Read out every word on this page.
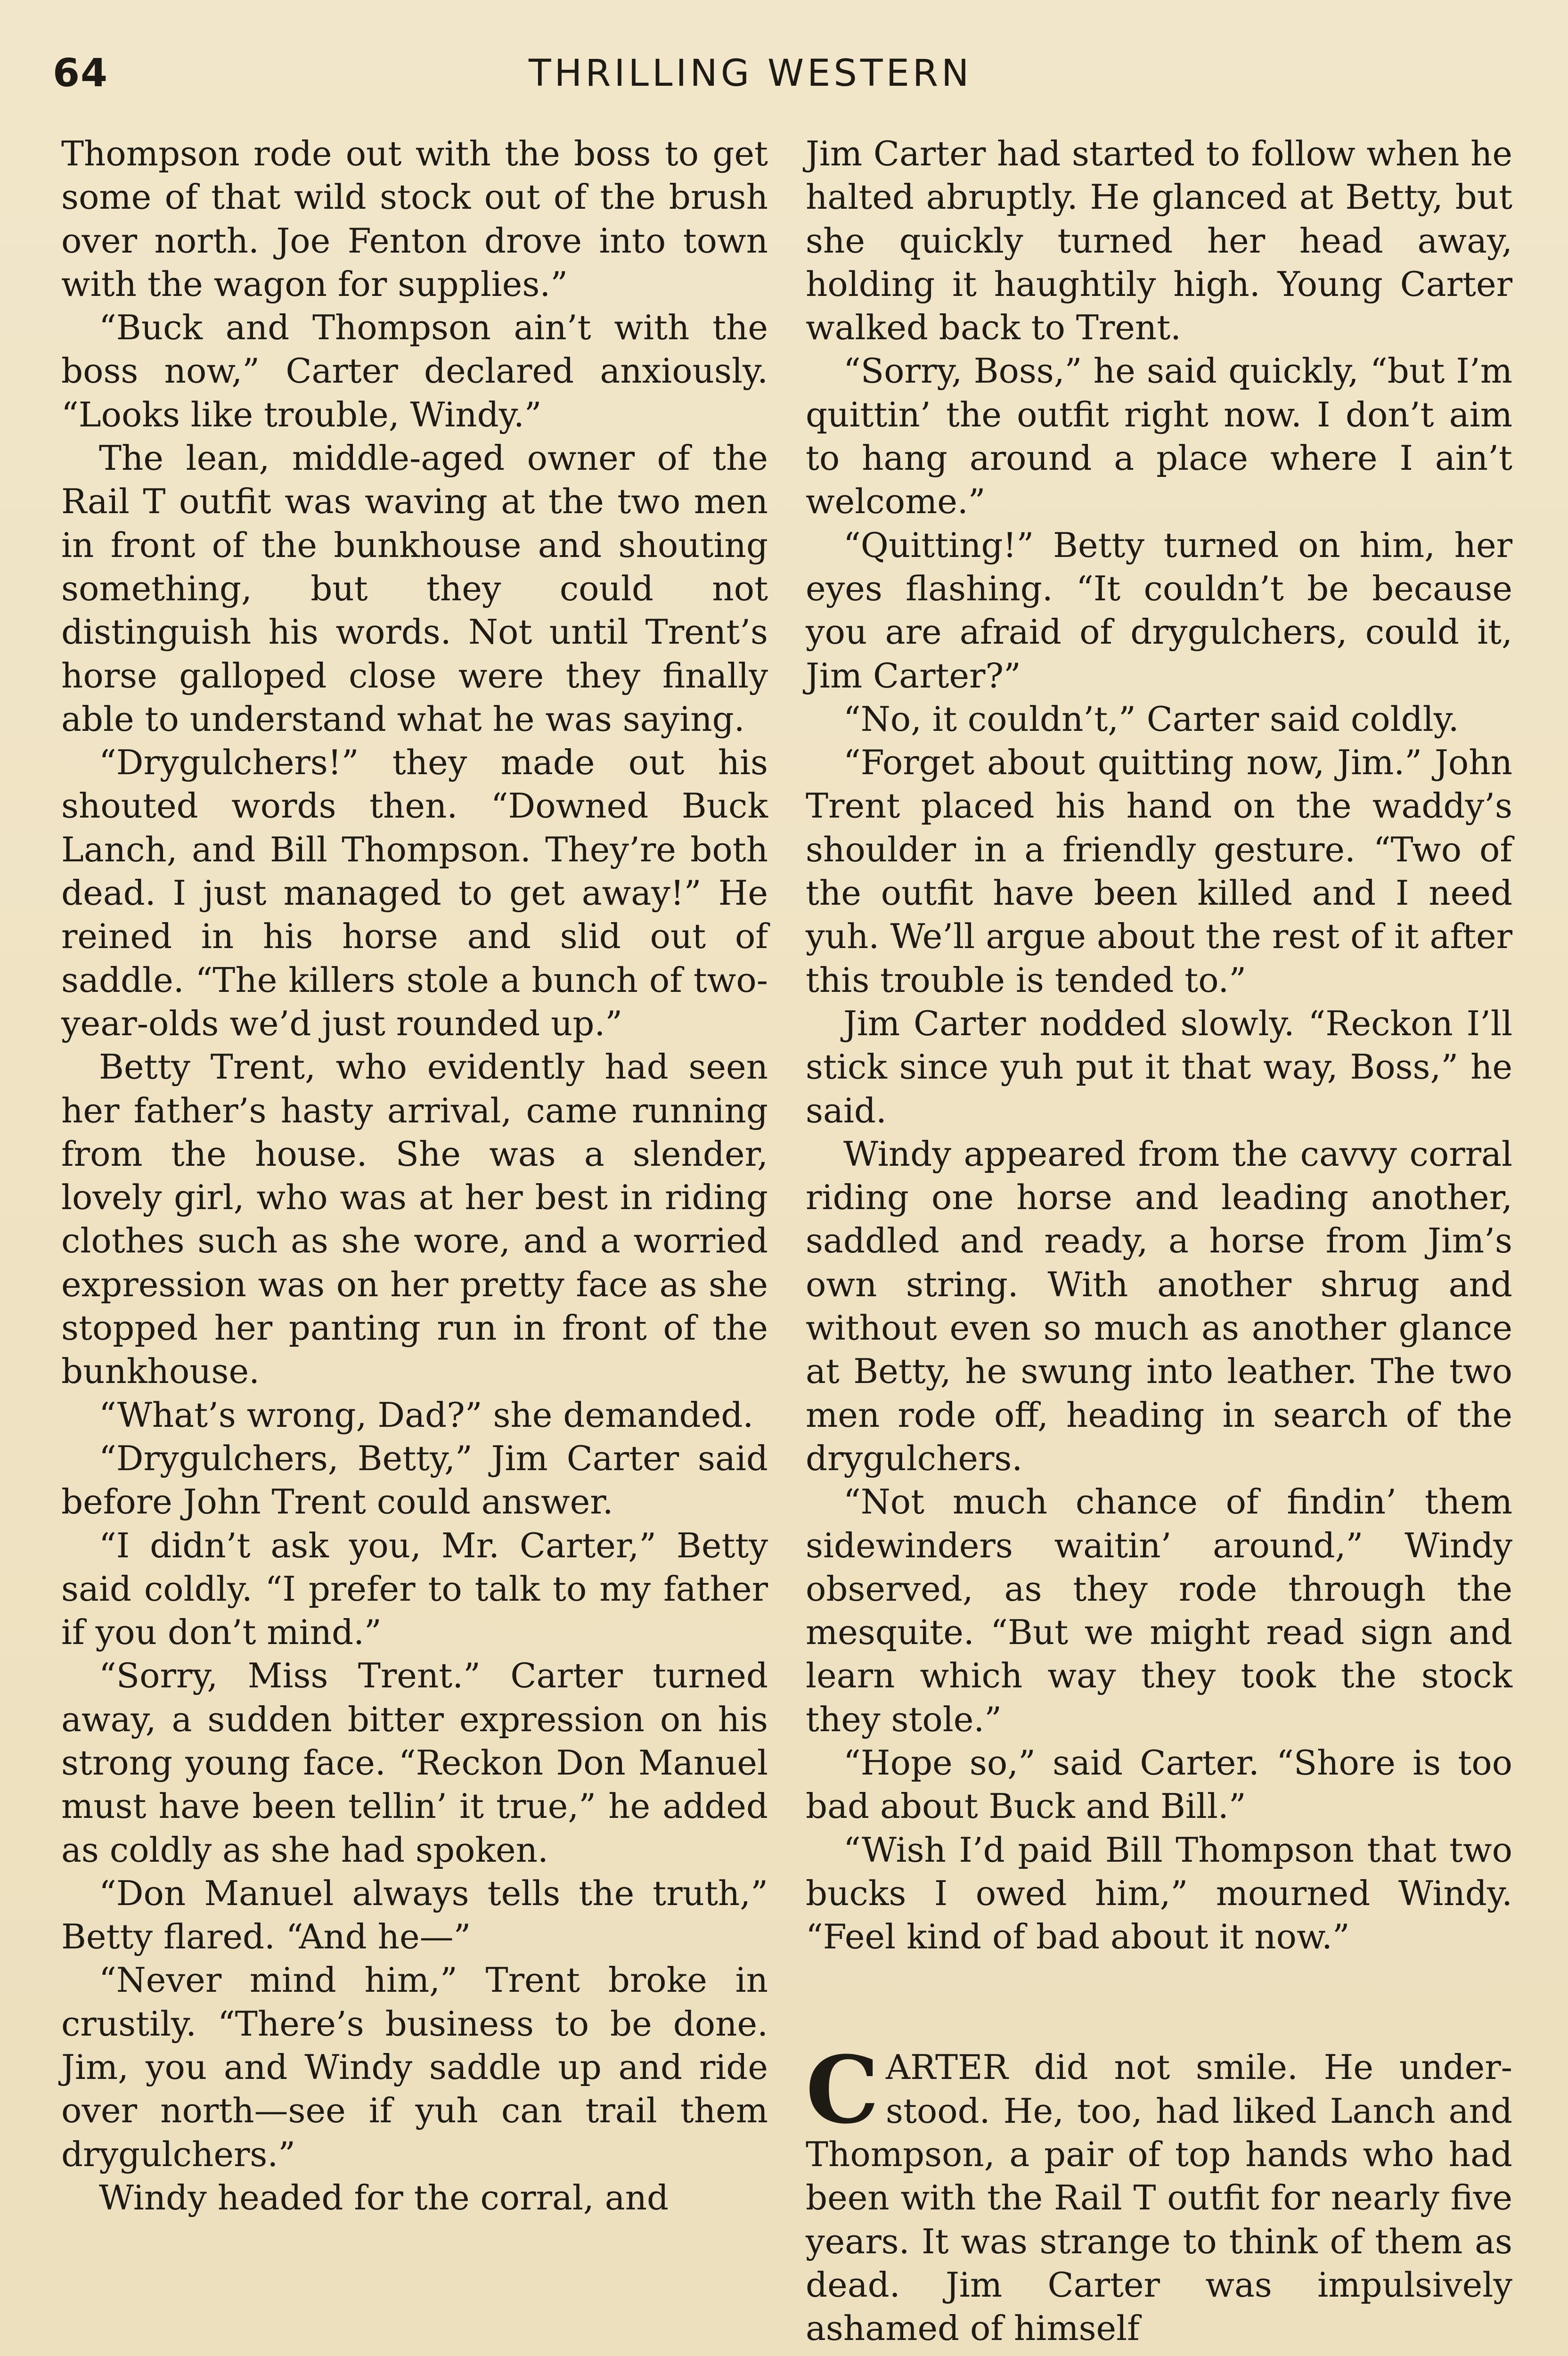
64	THRILLING WESTERN

Thompson rode out with the boss to get some of that wild stock out of the brush over north. Joe Fenton drove into town with the wagon for supplies.”

“Buck and Thompson ain’t with the boss now,” Carter declared anxiously. “Looks like trouble, Windy.”

The lean, middle-aged owner of the Rail T outfit was waving at the two men in front of the bunkhouse and shouting something, but they could not distinguish his words. Not until Trent’s horse galloped close were they finally able to understand what he was saying.

“Drygulchers!” they made out his shouted words then. “Downed Buck Lanch, and Bill Thompson. They’re both dead. I just managed to get away!” He reined in his horse and slid out of saddle. “The killers stole a bunch of two-year-olds we’d just rounded up.”

Betty Trent, who evidently had seen her father’s hasty arrival, came running from the house. She was a slender, lovely girl, who was at her best in riding clothes such as she wore, and a worried expression was on her pretty face as she stopped her panting run in front of the bunkhouse.

“What’s wrong, Dad?” she demanded.

“Drygulchers, Betty,” Jim Carter said before John Trent could answer.

“I didn’t ask you, Mr. Carter,” Betty said coldly. “I prefer to talk to my father if you don’t mind.”

“Sorry, Miss Trent.” Carter turned away, a sudden bitter expression on his strong young face. “Reckon Don Manuel must have been tellin’ it true,” he added as coldly as she had spoken.

“Don Manuel always tells the truth,” Betty flared. “And he—”

“Never mind him,” Trent broke in crustily. “There’s business to be done. Jim, you and Windy saddle up and ride over north—see if yuh can trail them drygulchers.”

Windy headed for the corral, and

Jim Carter had started to follow when he halted abruptly. He glanced at Betty, but she quickly turned her head away, holding it haughtily high. Young Carter walked back to Trent.

“Sorry, Boss,” he said quickly, “but I’m quittin’ the outfit right now. I don’t aim to hang around a place where I ain’t welcome.”

“Quitting!” Betty turned on him, her eyes flashing. “It couldn’t be because you are afraid of drygulchers, could it, Jim Carter?”

“No, it couldn’t,” Carter said coldly.

“Forget about quitting now, Jim.” John Trent placed his hand on the waddy’s shoulder in a friendly gesture. “Two of the outfit have been killed and I need yuh. We’ll argue about the rest of it after this trouble is tended to.”

Jim Carter nodded slowly. “Reckon I’ll stick since yuh put it that way, Boss,” he said.

Windy appeared from the cavvy corral riding one horse and leading another, saddled and ready, a horse from Jim’s own string. With another shrug and without even so much as another glance at Betty, he swung into leather. The two men rode off, heading in search of the drygulchers.

“Not much chance of findin’ them sidewinders waitin’ around,” Windy observed, as they rode through the mesquite. “But we might read sign and learn which way they took the stock they stole.”

“Hope so,” said Carter. “Shore is too bad about Buck and Bill.”

“Wish I’d paid Bill Thompson that two bucks I owed him,” mourned Windy. “Feel kind of bad about it now.”

CARTER did not smile. He understood. He, too, had liked Lanch and Thompson, a pair of top hands who had been with the Rail T outfit for nearly five years. It was strange to think of them as dead. Jim Carter was impulsively ashamed of himself
